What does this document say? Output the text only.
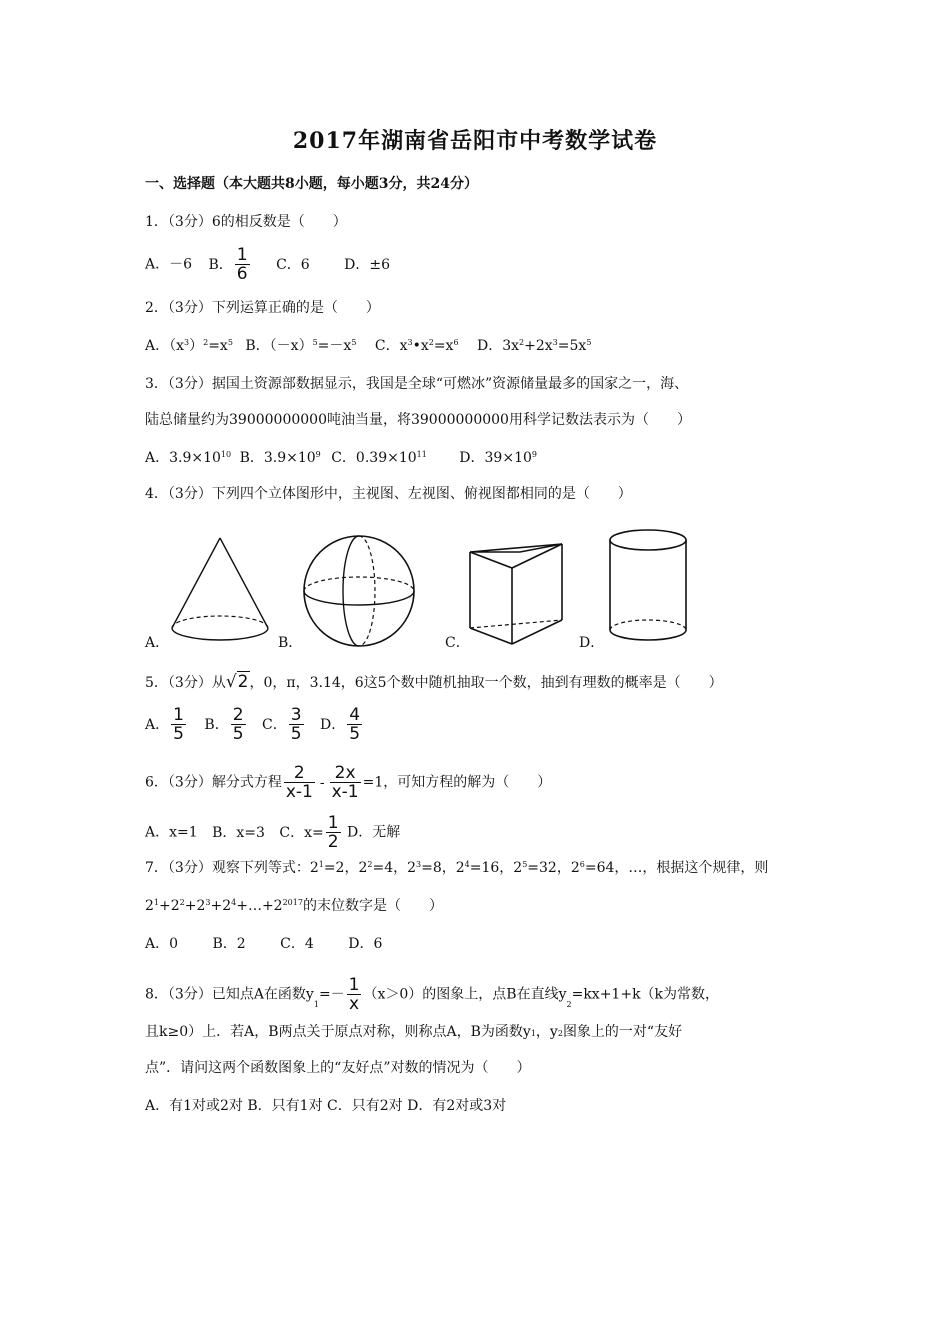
2017年湖南省岳阳市中考数学试卷
一、选择题（本大题共8小题，每小题3分，共24分）
1．（3分）6的相反数是（　　）
A．－6 B． $\frac{1}{6}$ C．6 D．±6
2．（3分）下列运算正确的是（　　）
A．$(x^3)^2=x^5$ B．$(-x)^5=-x^5$ C．$x^3•x^2=x^6$ D．$3x^2+2x^3=5x^5$
3．（3分）据国土资源部数据显示，我国是全球“可燃冰”资源储量最多的国家之一，海、
陆总储量约为39000000000吨油当量，将39000000000用科学记数法表示为（　　）
A．$3.9\times 10^{10}$ B．$3.9\times 10^9$ C．$0.39\times 10^{11}$ D．$39\times 10^9$
4．（3分）下列四个立体图形中，主视图、左视图、俯视图都相同的是（　　）
A．	B．	C．	D．
5．（3分）从√2，0，π，3.14，6这5个数中随机抽取一个数，抽到有理数的概率是（　　）
A． $\frac{1}{5}$ B． $\frac{2}{5}$ C． $\frac{3}{5}$ D． $\frac{4}{5}$
6．（3分）解分式方程 $\frac{2}{x-1} - \frac{2x}{x-1} =1$，可知方程的解为（　　）
A．x=1 B．x=3 C．$x= \frac{1}{2}$ D．无解
7．（3分）观察下列等式：$2^1=2$，$2^2=4$，$2^3=8$，$2^4=16$，$2^5=32$，$2^6=64$，…，根据这个规律，则
$2^1+2^2+2^3+2^4+\dots+2^{2017}$的末位数字是（　　）
A．0 B．2 C．4 D．6
8．（3分）已知点A在函数$y_1=- \frac{1}{x} (x>0)$的图象上，点B在直线$y_2=kx+1+k(k$为常数，
且k≥0）上．若A，B两点关于原点对称，则称点A，B为函数$y_1$，$y_2$图象上的一对“友好
点”．请问这两个函数图象上的“友好点”对数的情况为（　　）
A．有1对或2对 B．只有1对 C．只有2对 D．有2对或3对
